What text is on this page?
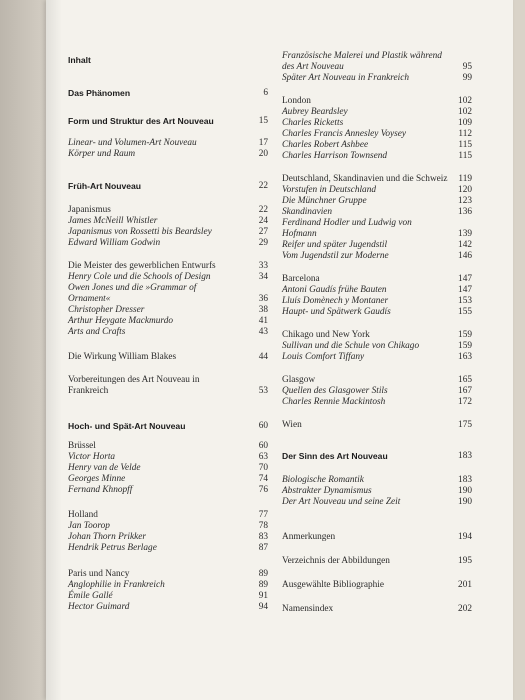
Inhalt
Das Phänomen	6
Form und Struktur des Art Nouveau	15
Linear- und Volumen-Art Nouveau	17
Körper und Raum	20
Früh-Art Nouveau	22
Japanismus	22
James McNeill Whistler	24
Japanismus von Rossetti bis Beardsley	27
Edward William Godwin	29
Die Meister des gewerblichen Entwurfs	33
Henry Cole und die Schools of Design	34
Owen Jones und die »Grammar of
Ornament«	36
Christopher Dresser	38
Arthur Heygate Mackmurdo	41
Arts and Crafts	43
Die Wirkung William Blakes	44
Vorbereitungen des Art Nouveau in
Frankreich	53
Hoch- und Spät-Art Nouveau	60
Brüssel	60
Victor Horta	63
Henry van de Velde	70
Georges Minne	74
Fernand Khnopff	76
Holland	77
Jan Toorop	78
Johan Thorn Prikker	83
Hendrik Petrus Berlage	87
Paris und Nancy	89
Anglophilie in Frankreich	89
Émile Gallé	91
Hector Guimard	94
Französische Malerei und Plastik während
des Art Nouveau	95
Später Art Nouveau in Frankreich	99
London	102
Aubrey Beardsley	102
Charles Ricketts	109
Charles Francis Annesley Voysey	112
Charles Robert Ashbee	115
Charles Harrison Townsend	115
Deutschland, Skandinavien und die Schweiz 119
Vorstufen in Deutschland	120
Die Münchner Gruppe	123
Skandinavien	136
Ferdinand Hodler und Ludwig von
Hofmann	139
Reifer und später Jugendstil	142
Vom Jugendstil zur Moderne	146
Barcelona	147
Antoni Gaudís frühe Bauten	147
Lluís Domènech y Montaner	153
Haupt- und Spätwerk Gaudís	155
Chikago und New York	159
Sullivan und die Schule von Chikago	159
Louis Comfort Tiffany	163
Glasgow	165
Quellen des Glasgower Stils	167
Charles Rennie Mackintosh	172
Wien	175
Der Sinn des Art Nouveau	183
Biologische Romantik	183
Abstrakter Dynamismus	190
Der Art Nouveau und seine Zeit	190
Anmerkungen	194
Verzeichnis der Abbildungen	195
Ausgewählte Bibliographie	201
Namensindex	202
